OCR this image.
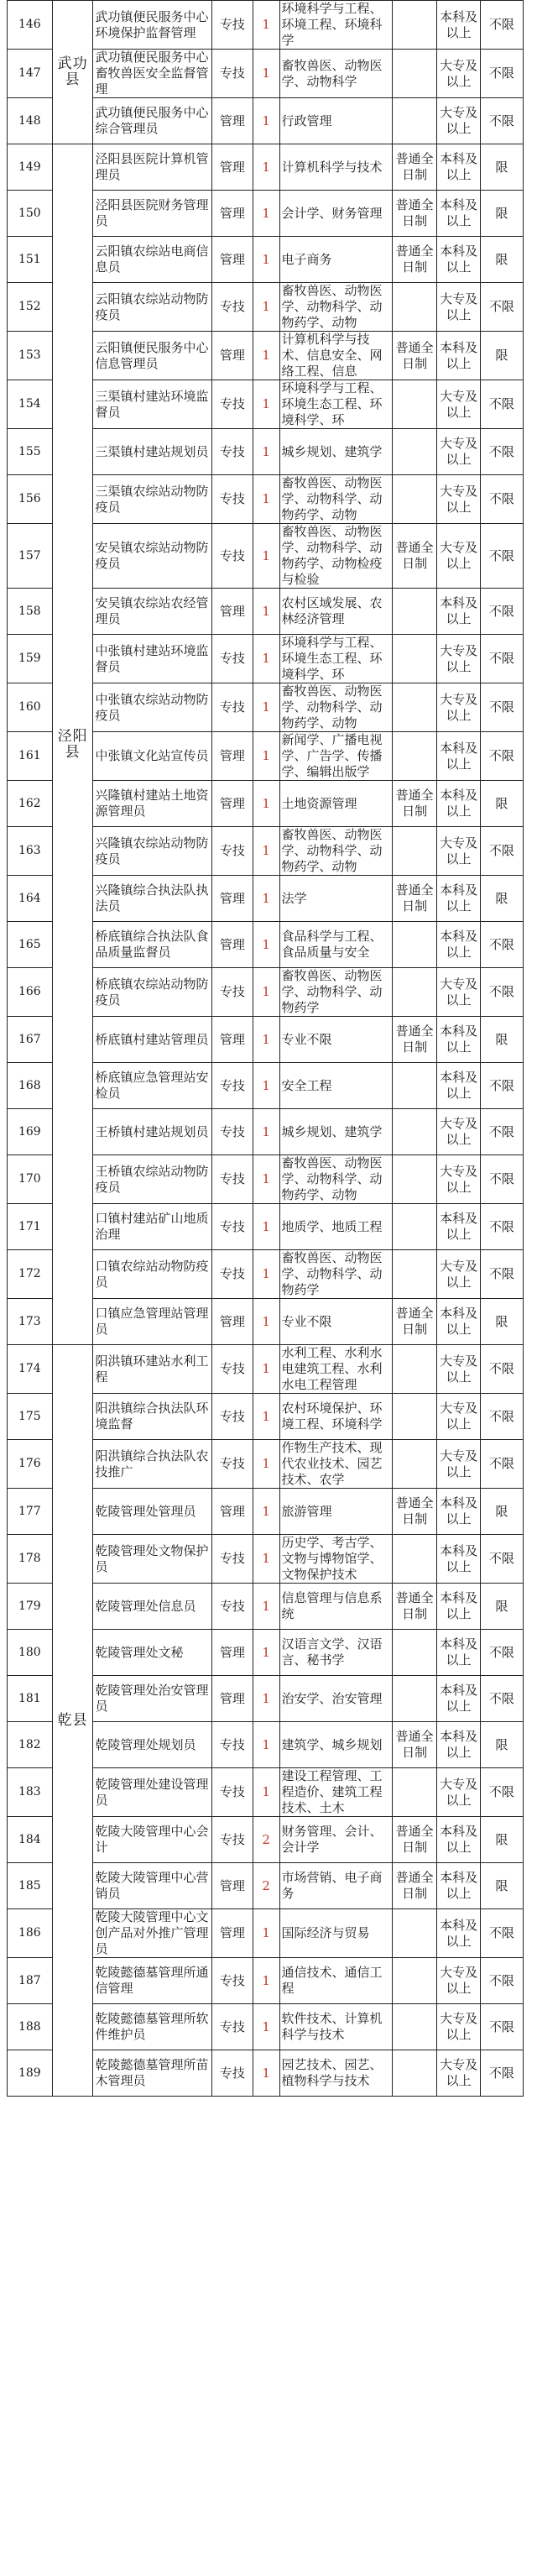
146	武功县	武功镇便民服务中心环境保护监督管理	专技	1	环境科学与工程、环境工程、环境科学		本科及以上	不限
147		武功镇便民服务中心畜牧兽医安全监督管理	专技	1	畜牧兽医、动物医学、动物科学		大专及以上	不限
148		武功镇便民服务中心综合管理员	管理	1	行政管理		大专及以上	不限
149	泾阳县	泾阳县医院计算机管理员	管理	1	计算机科学与技术	普通全日制	本科及以上	限
150		泾阳县医院财务管理员	管理	1	会计学、财务管理	普通全日制	本科及以上	限
151		云阳镇农综站电商信息员	管理	1	电子商务	普通全日制	本科及以上	限
152		云阳镇农综站动物防疫员	专技	1	畜牧兽医、动物医学、动物科学、动物药学、动物		大专及以上	不限
153		云阳镇便民服务中心信息管理员	管理	1	计算机科学与技术、信息安全、网络工程、信息	普通全日制	本科及以上	限
154		三渠镇村建站环境监督员	专技	1	环境科学与工程、环境生态工程、环境科学、环		大专及以上	不限
155		三渠镇村建站规划员	专技	1	城乡规划、建筑学		大专及以上	不限
156		三渠镇农综站动物防疫员	专技	1	畜牧兽医、动物医学、动物科学、动物药学、动物		大专及以上	不限
157		安吴镇农综站动物防疫员	专技	1	畜牧兽医、动物医学、动物科学、动物药学、动物检疫与检验	普通全日制	大专及以上	不限
158		安吴镇农综站农经管理员	管理	1	农村区域发展、农林经济管理		本科及以上	不限
159		中张镇村建站环境监督员	专技	1	环境科学与工程、环境生态工程、环境科学、环		大专及以上	不限
160		中张镇农综站动物防疫员	专技	1	畜牧兽医、动物医学、动物科学、动物药学、动物		大专及以上	不限
161		中张镇文化站宣传员	管理	1	新闻学、广播电视学、广告学、传播学、编辑出版学		本科及以上	不限
162		兴隆镇村建站土地资源管理员	管理	1	土地资源管理	普通全日制	本科及以上	限
163		兴隆镇农综站动物防疫员	专技	1	畜牧兽医、动物医学、动物科学、动物药学、动物		大专及以上	不限
164		兴隆镇综合执法队执法员	管理	1	法学	普通全日制	本科及以上	限
165		桥底镇综合执法队食品质量监督员	管理	1	食品科学与工程、食品质量与安全		本科及以上	不限
166		桥底镇农综站动物防疫员	专技	1	畜牧兽医、动物医学、动物科学、动物药学		大专及以上	不限
167		桥底镇村建站管理员	管理	1	专业不限	普通全日制	本科及以上	限
168		桥底镇应急管理站安检员	专技	1	安全工程		本科及以上	不限
169		王桥镇村建站规划员	专技	1	城乡规划、建筑学		大专及以上	不限
170		王桥镇农综站动物防疫员	专技	1	畜牧兽医、动物医学、动物科学、动物药学、动物		大专及以上	不限
171		口镇村建站矿山地质治理	专技	1	地质学、地质工程		本科及以上	不限
172		口镇农综站动物防疫员	专技	1	畜牧兽医、动物医学、动物科学、动物药学		大专及以上	不限
173		口镇应急管理站管理员	管理	1	专业不限	普通全日制	本科及以上	限
174	乾县	阳洪镇环建站水利工程	专技	1	水利工程、水利水电建筑工程、水利水电工程管理		大专及以上	不限
175		阳洪镇综合执法队环境监督	专技	1	农村环境保护、环境工程、环境科学		大专及以上	不限
176		阳洪镇综合执法队农技推广	专技	1	作物生产技术、现代农业技术、园艺技术、农学		大专及以上	不限
177		乾陵管理处管理员	管理	1	旅游管理	普通全日制	本科及以上	限
178		乾陵管理处文物保护员	专技	1	历史学、考古学、文物与博物馆学、文物保护技术		本科及以上	不限
179		乾陵管理处信息员	专技	1	信息管理与信息系统	普通全日制	本科及以上	限
180		乾陵管理处文秘	管理	1	汉语言文学、汉语言、秘书学		本科及以上	不限
181		乾陵管理处治安管理员	管理	1	治安学、治安管理		本科及以上	不限
182		乾陵管理处规划员	专技	1	建筑学、城乡规划	普通全日制	本科及以上	限
183		乾陵管理处建设管理员	专技	1	建设工程管理、工程造价、建筑工程技术、土木		大专及以上	不限
184		乾陵大陵管理中心会计	专技	2	财务管理、会计、会计学	普通全日制	本科及以上	限
185		乾陵大陵管理中心营销员	管理	2	市场营销、电子商务	普通全日制	本科及以上	限
186		乾陵大陵管理中心文创产品对外推广管理员	管理	1	国际经济与贸易		本科及以上	不限
187		乾陵懿德墓管理所通信管理	专技	1	通信技术、通信工程		大专及以上	不限
188		乾陵懿德墓管理所软件维护员	专技	1	软件技术、计算机科学与技术		大专及以上	不限
189		乾陵懿德墓管理所苗木管理员	专技	1	园艺技术、园艺、植物科学与技术		大专及以上	不限
